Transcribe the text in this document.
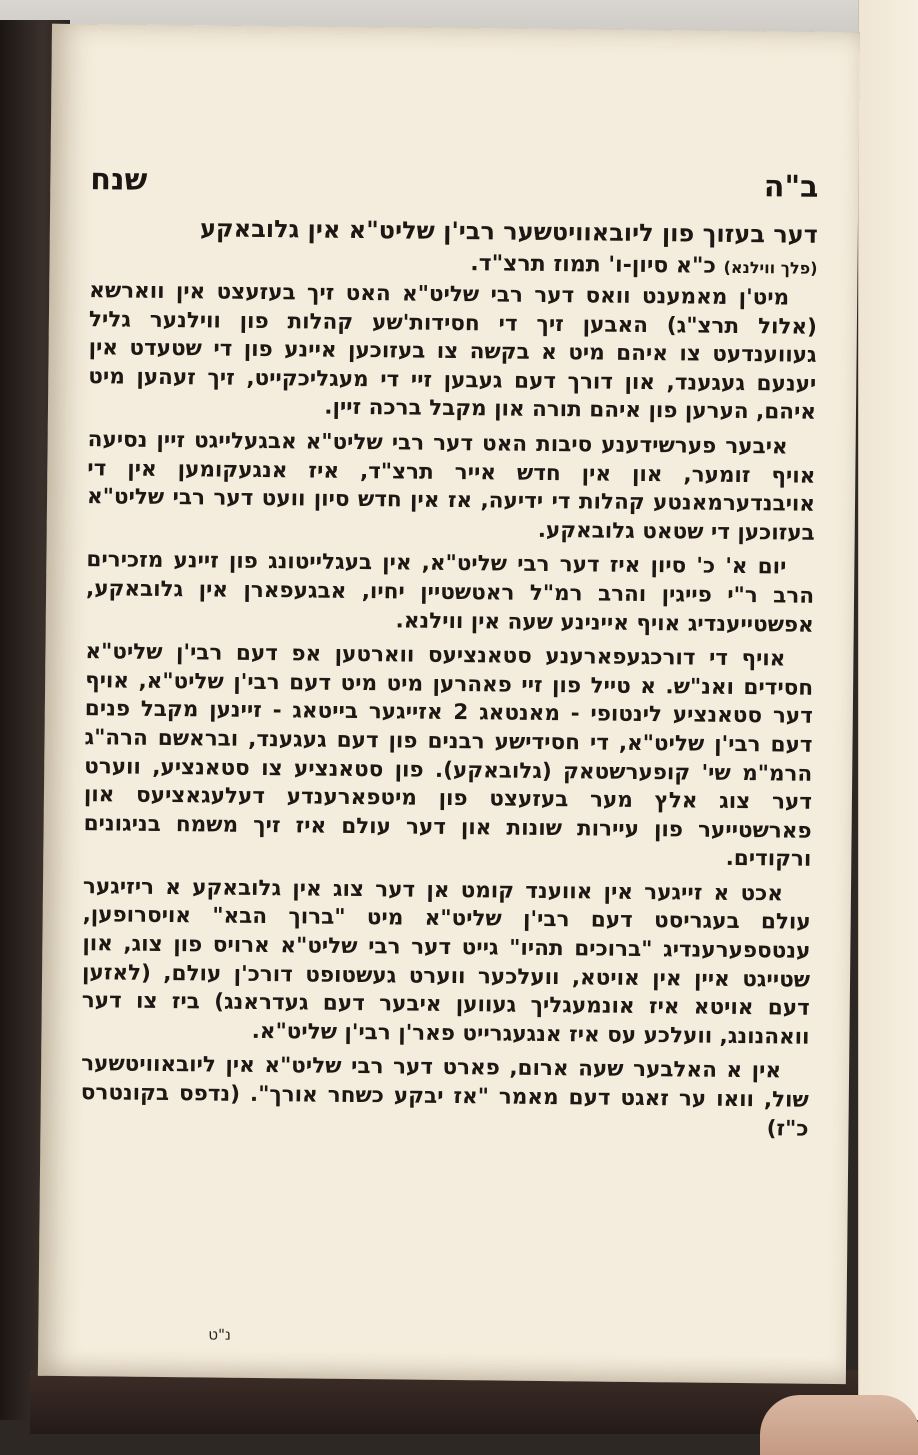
שנח	ב"ה
דער בעזוך פון ליובאוויטשער רבי'ן שליט"א אין גלובאקע
(פלך ווילנא) כ"א סיון-ו' תמוז תרצ"ד.

מיט'ן מאמענט וואס דער רבי שליט"א האט זיך בעזעצט אין ווארשא (אלול תרצ"ג) האבען זיך די חסידות'שע קהלות פון ווילנער גליל געווענדעט צו איהם מיט א בקשה צו בעזוכען איינע פון די שטעדט אין יענעם געגענד, און דורך דעם געבען זיי די מעגליכקייט, זיך זעהען מיט איהם, הערען פון איהם תורה און מקבל ברכה זיין.

איבער פערשידענע סיבות האט דער רבי שליט"א אבגעלייגט זיין נסיעה אויף זומער, און אין חדש אייר תרצ"ד, איז אנגעקומען אין די אויבנדערמאנטע קהלות די ידיעה, אז אין חדש סיון וועט דער רבי שליט"א בעזוכען די שטאט גלובאקע.

יום א' כ' סיון איז דער רבי שליט"א, אין בעגלייטונג פון זיינע מזכירים הרב ר"י פייגין והרב רמ"ל ראטשטיין יחיו, אבגעפארן אין גלובאקע, אפשטייענדיג אויף איינינע שעה אין ווילנא.

אויף די דורכגעפארענע סטאנציעס ווארטען אפ דעם רבי'ן שליט"א חסידים ואנ"ש. א טייל פון זיי פאהרען מיט מיט דעם רבי'ן שליט"א, אויף דער סטאנציע לינטופי - מאנטאג 2 אזייגער בייטאג - זיינען מקבל פנים דעם רבי'ן שליט"א, די חסידישע רבנים פון דעם געגענד, ובראשם הרה"ג הרמ"מ שי' קופערשטאק (גלובאקע). פון סטאנציע צו סטאנציע, ווערט דער צוג אלץ מער בעזעצט פון מיטפארענדע דעלעגאציעס און פארשטייער פון עיירות שונות און דער עולם איז זיך משמח בניגונים ורקודים.

אכט א זייגער אין אווענד קומט אן דער צוג אין גלובאקע א ריזיגער עולם בעגריסט דעם רבי'ן שליט"א מיט "ברוך הבא" אויסרופען, ענטספערענדיג "ברוכים תהיו" גייט דער רבי שליט"א ארויס פון צוג, און שטייגט איין אין אויטא, וועלכער ווערט געשטופט דורכ'ן עולם, (לאזען דעם אויטא איז אונמעגליך געווען איבער דעם געדראנג) ביז צו דער וואהנונג, וועלכע עס איז אנגעגרייט פאר'ן רבי'ן שליט"א.

אין א האלבער שעה ארום, פארט דער רבי שליט"א אין ליובאוויטשער שול, וואו ער זאגט דעם מאמר "אז יבקע כשחר אורך". (נדפס בקונטרס כ"ז)

נ"ט
